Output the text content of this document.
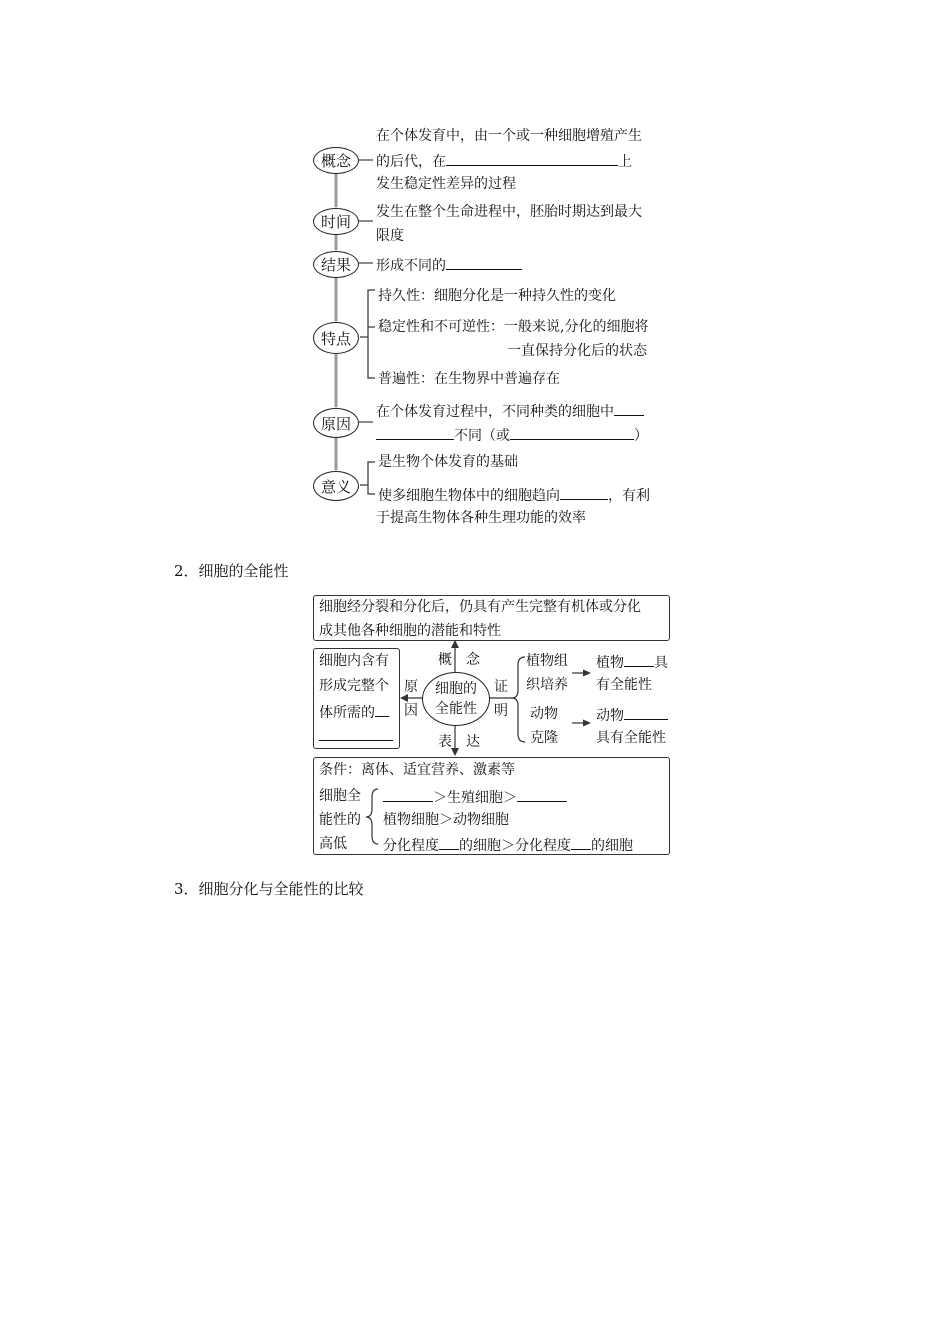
概念
时间
结果
特点
原因
意义
在个体发育中，由一个或一种细胞增殖产生
的后代，在	上
发生稳定性差异的过程
发生在整个生命进程中，胚胎时期达到最大
限度
形成不同的
持久性：细胞分化是一种持久性的变化
稳定性和不可逆性：一般来说,分化的细胞将
一直保持分化后的状态
普遍性：在生物界中普遍存在
在个体发育过程中，不同种类的细胞中
不同（或	）
是生物个体发育的基础
使多细胞生物体中的细胞趋向	，有利
于提高生物体各种生理功能的效率
2．细胞的全能性
细胞经分裂和分化后，仍具有产生完整有机体或分化
成其他各种细胞的潜能和特性
细胞内含有
形成完整个
体所需的
细胞的
全能性
概　念
原
因
证
明
表　达
植物组
织培养
动物
克隆
植物 具
有全能性
动物
具有全能性
条件：离体、适宜营养、激素等
细胞全
能性的
高低
＞生殖细胞＞
植物细胞＞动物细胞
分化程度 的细胞＞分化程度 的细胞
3．细胞分化与全能性的比较
